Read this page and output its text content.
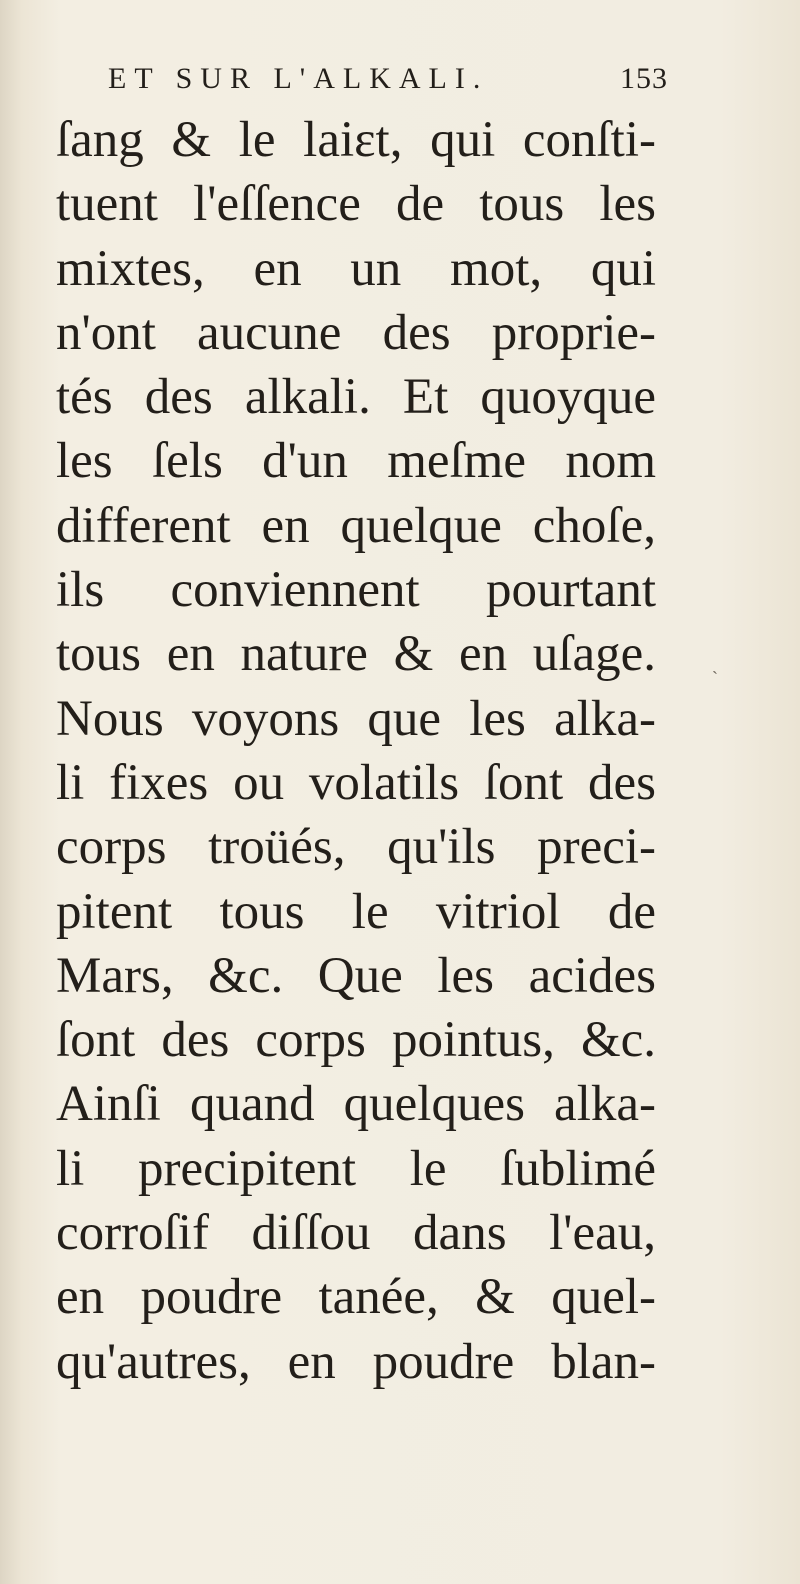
ET SUR L'ALKALI.	153
ſang & le laiɛt, qui conſti-
tuent l'eſſence de tous les
mixtes, en un mot, qui
n'ont aucune des proprie-
tés des alkali. Et quoyque
les ſels d'un meſme nom
different en quelque choſe,
ils conviennent pourtant
tous en nature & en uſage.
Nous voyons que les alka-
li fixes ou volatils ſont des
corps troüés, qu'ils preci-
pitent tous le vitriol de
Mars, &c. Que les acides
ſont des corps pointus, &c.
Ainſi quand quelques alka-
li precipitent le ſublimé
corroſif diſſou dans l'eau,
en poudre tanée, & quel-
qu'autres, en poudre blan-
`
